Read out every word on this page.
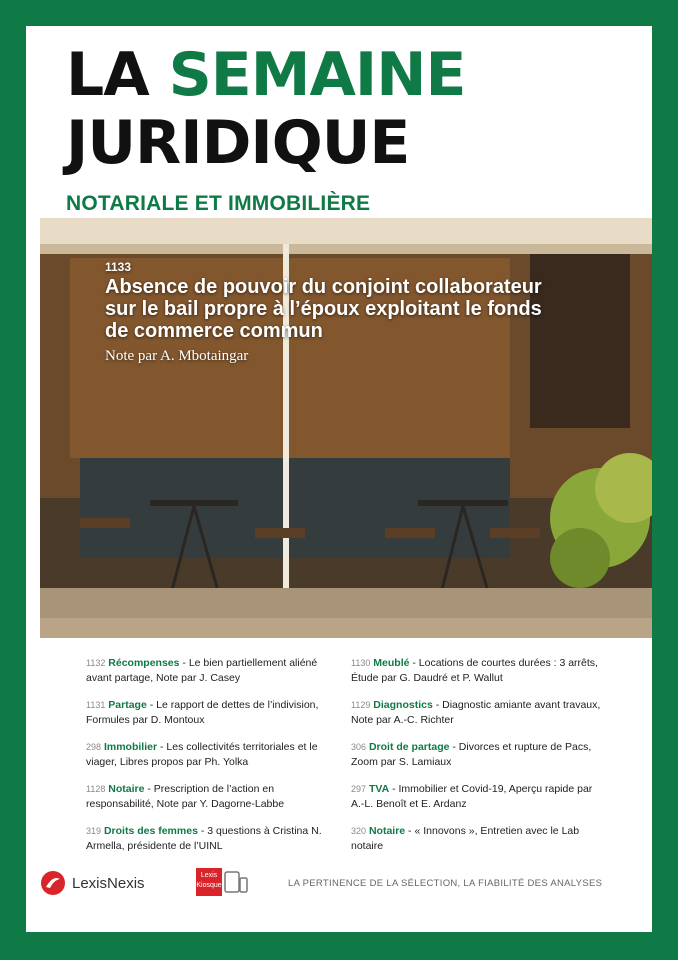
LA SEMAINE
JURIDIQUE
NOTARIALE ET IMMOBILIÈRE
1133
Absence de pouvoir du conjoint collaborateur sur le bail propre à l’époux exploitant le fonds de commerce commun
Note par A. Mbotaingar
1132 Récompenses - Le bien partiellement aliéné avant partage, Note par J. Casey
1131 Partage - Le rapport de dettes de l’indivision, Formules par D. Montoux
298 Immobilier - Les collectivités territoriales et le viager, Libres propos par Ph. Yolka
1128 Notaire - Prescription de l’action en responsabilité, Note par Y. Dagorne-Labbe
319 Droits des femmes - 3 questions à Cristina N. Armella, présidente de l’UINL
1130 Meublé - Locations de courtes durées : 3 arrêts, Étude par G. Daudré et P. Wallut
1129 Diagnostics - Diagnostic amiante avant travaux, Note par A.-C. Richter
306 Droit de partage - Divorces et rupture de Pacs, Zoom par S. Lamiaux
297 TVA - Immobilier et Covid-19, Aperçu rapide par A.-L. Benoît et E. Ardanz
320 Notaire - « Innovons », Entretien avec le Lab notaire
LexisNexis	Lexis
Kiosque	LA PERTINENCE DE LA SÉLECTION, LA FIABILITÉ DES ANALYSES
